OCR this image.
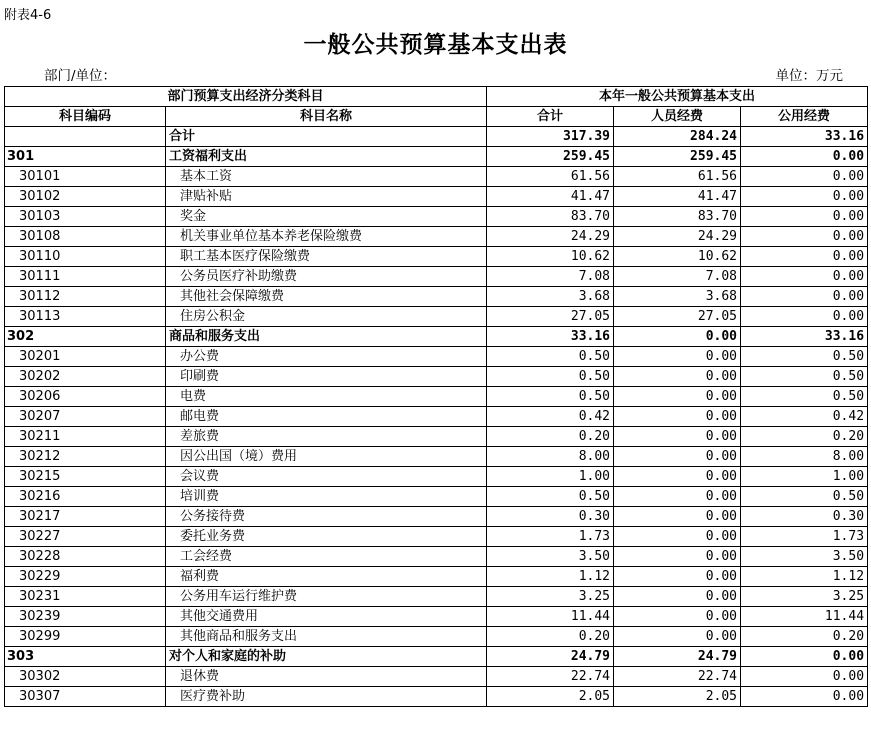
附表4-6
一般公共预算基本支出表
部门/单位：	单位：万元
部门预算支出经济分类科目		本年一般公共预算基本支出		
科目编码	科目名称	合计	人员经费	公用经费
	合计	317.39	284.24	33.16
301	工资福利支出	259.45	259.45	0.00
30101	基本工资	61.56	61.56	0.00
30102	津贴补贴	41.47	41.47	0.00
30103	奖金	83.70	83.70	0.00
30108	机关事业单位基本养老保险缴费	24.29	24.29	0.00
30110	职工基本医疗保险缴费	10.62	10.62	0.00
30111	公务员医疗补助缴费	7.08	7.08	0.00
30112	其他社会保障缴费	3.68	3.68	0.00
30113	住房公积金	27.05	27.05	0.00
302	商品和服务支出	33.16	0.00	33.16
30201	办公费	0.50	0.00	0.50
30202	印刷费	0.50	0.00	0.50
30206	电费	0.50	0.00	0.50
30207	邮电费	0.42	0.00	0.42
30211	差旅费	0.20	0.00	0.20
30212	因公出国（境）费用	8.00	0.00	8.00
30215	会议费	1.00	0.00	1.00
30216	培训费	0.50	0.00	0.50
30217	公务接待费	0.30	0.00	0.30
30227	委托业务费	1.73	0.00	1.73
30228	工会经费	3.50	0.00	3.50
30229	福利费	1.12	0.00	1.12
30231	公务用车运行维护费	3.25	0.00	3.25
30239	其他交通费用	11.44	0.00	11.44
30299	其他商品和服务支出	0.20	0.00	0.20
303	对个人和家庭的补助	24.79	24.79	0.00
30302	退休费	22.74	22.74	0.00
30307	医疗费补助	2.05	2.05	0.00
